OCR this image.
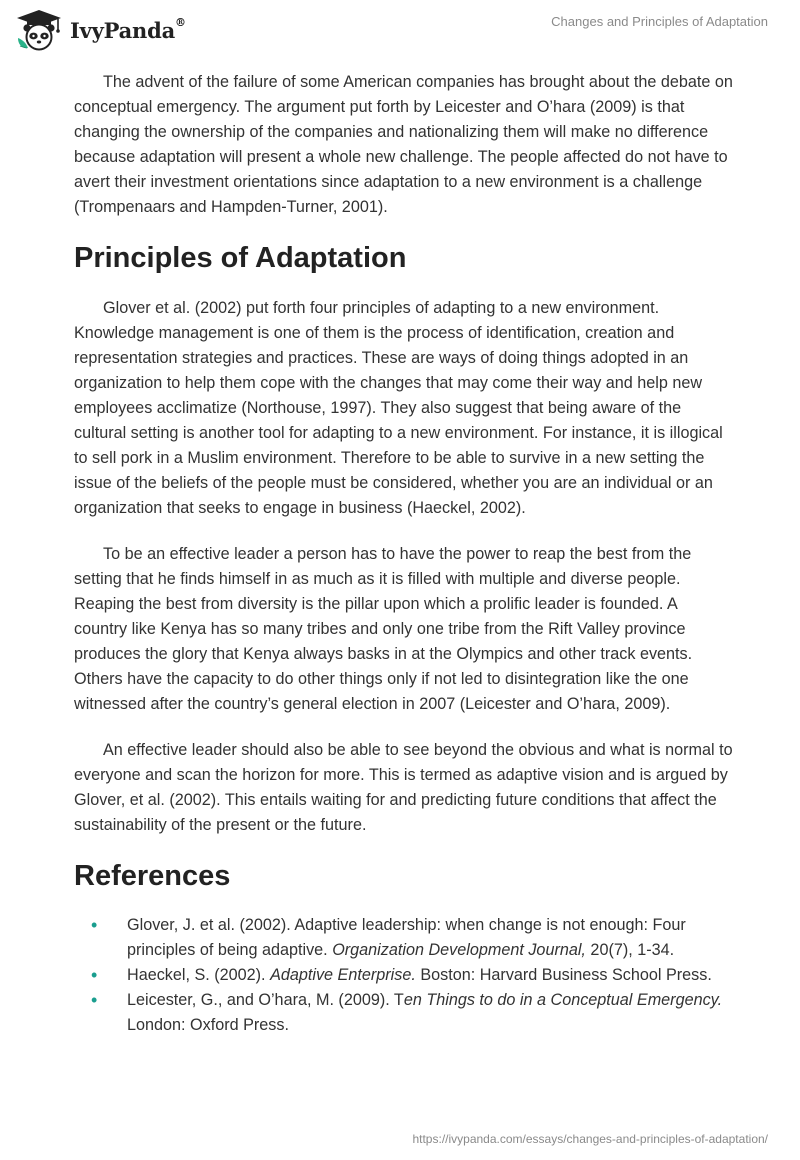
IvyPanda®	Changes and Principles of Adaptation

The advent of the failure of some American companies has brought about the debate on conceptual emergency. The argument put forth by Leicester and O’hara (2009) is that changing the ownership of the companies and nationalizing them will make no difference because adaptation will present a whole new challenge. The people affected do not have to avert their investment orientations since adaptation to a new environment is a challenge (Trompenaars and Hampden-Turner, 2001).

Principles of Adaptation

Glover et al. (2002) put forth four principles of adapting to a new environment. Knowledge management is one of them is the process of identification, creation and representation strategies and practices. These are ways of doing things adopted in an organization to help them cope with the changes that may come their way and help new employees acclimatize (Northouse, 1997). They also suggest that being aware of the cultural setting is another tool for adapting to a new environment. For instance, it is illogical to sell pork in a Muslim environment. Therefore to be able to survive in a new setting the issue of the beliefs of the people must be considered, whether you are an individual or an organization that seeks to engage in business (Haeckel, 2002).

To be an effective leader a person has to have the power to reap the best from the setting that he finds himself in as much as it is filled with multiple and diverse people. Reaping the best from diversity is the pillar upon which a prolific leader is founded. A country like Kenya has so many tribes and only one tribe from the Rift Valley province produces the glory that Kenya always basks in at the Olympics and other track events. Others have the capacity to do other things only if not led to disintegration like the one witnessed after the country’s general election in 2007 (Leicester and O’hara, 2009).

An effective leader should also be able to see beyond the obvious and what is normal to everyone and scan the horizon for more. This is termed as adaptive vision and is argued by Glover, et al. (2002). This entails waiting for and predicting future conditions that affect the sustainability of the present or the future.

References
• Glover, J. et al. (2002). Adaptive leadership: when change is not enough: Four principles of being adaptive. Organization Development Journal, 20(7), 1-34.
• Haeckel, S. (2002). Adaptive Enterprise. Boston: Harvard Business School Press.
• Leicester, G., and O’hara, M. (2009). Ten Things to do in a Conceptual Emergency. London: Oxford Press.
https://ivypanda.com/essays/changes-and-principles-of-adaptation/
